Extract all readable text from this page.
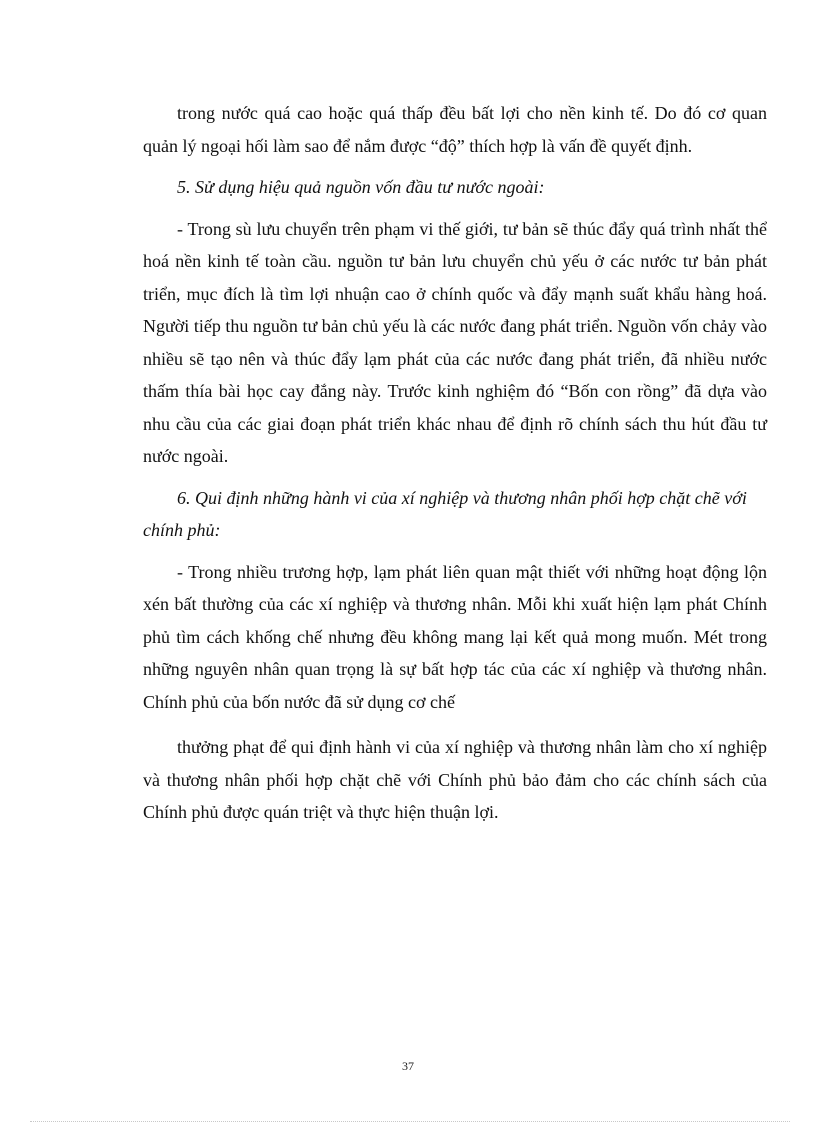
trong nước quá cao hoặc quá thấp đều bất lợi cho nền kinh tế. Do đó cơ quan quản lý ngoại hối làm sao để nắm được “độ” thích hợp là vấn đề quyết định.

5. Sử dụng hiệu quả nguồn vốn đầu tư nước ngoài:

- Trong sù lưu chuyển trên phạm vi thế giới, tư bản sẽ thúc đẩy quá trình nhất thể hoá nền kinh tế toàn cầu. nguồn tư bản lưu chuyển chủ yếu ở các nước tư bản phát triển, mục đích là tìm lợi nhuận cao ở chính quốc và đẩy mạnh suất khẩu hàng hoá. Người tiếp thu nguồn tư bản chủ yếu là các nước đang phát triển. Nguồn vốn chảy vào nhiều sẽ tạo nên và thúc đẩy lạm phát của các nước đang phát triển, đã nhiều nước thấm thía bài học cay đắng này. Trước kinh nghiệm đó “Bốn con rồng” đã dựa vào nhu cầu của các giai đoạn phát triển khác nhau để định rõ chính sách thu hút đầu tư nước ngoài.

6. Qui định những hành vi của xí nghiệp và thương nhân phối hợp chặt chẽ với chính phủ:

- Trong nhiều trương hợp, lạm phát liên quan mật thiết với những hoạt động lộn xén bất thường của các xí nghiệp và thương nhân. Mỗi khi xuất hiện lạm phát Chính phủ tìm cách khống chế nhưng đều không mang lại kết quả mong muốn. Mét trong những nguyên nhân quan trọng là sự bất hợp tác của các xí nghiệp và thương nhân. Chính phủ của bốn nước đã sử dụng cơ chế

thưởng phạt để qui định hành vi của xí nghiệp và thương nhân làm cho xí nghiệp và thương nhân phối hợp chặt chẽ với Chính phủ bảo đảm cho các chính sách của Chính phủ được quán triệt và thực hiện thuận lợi.

37
